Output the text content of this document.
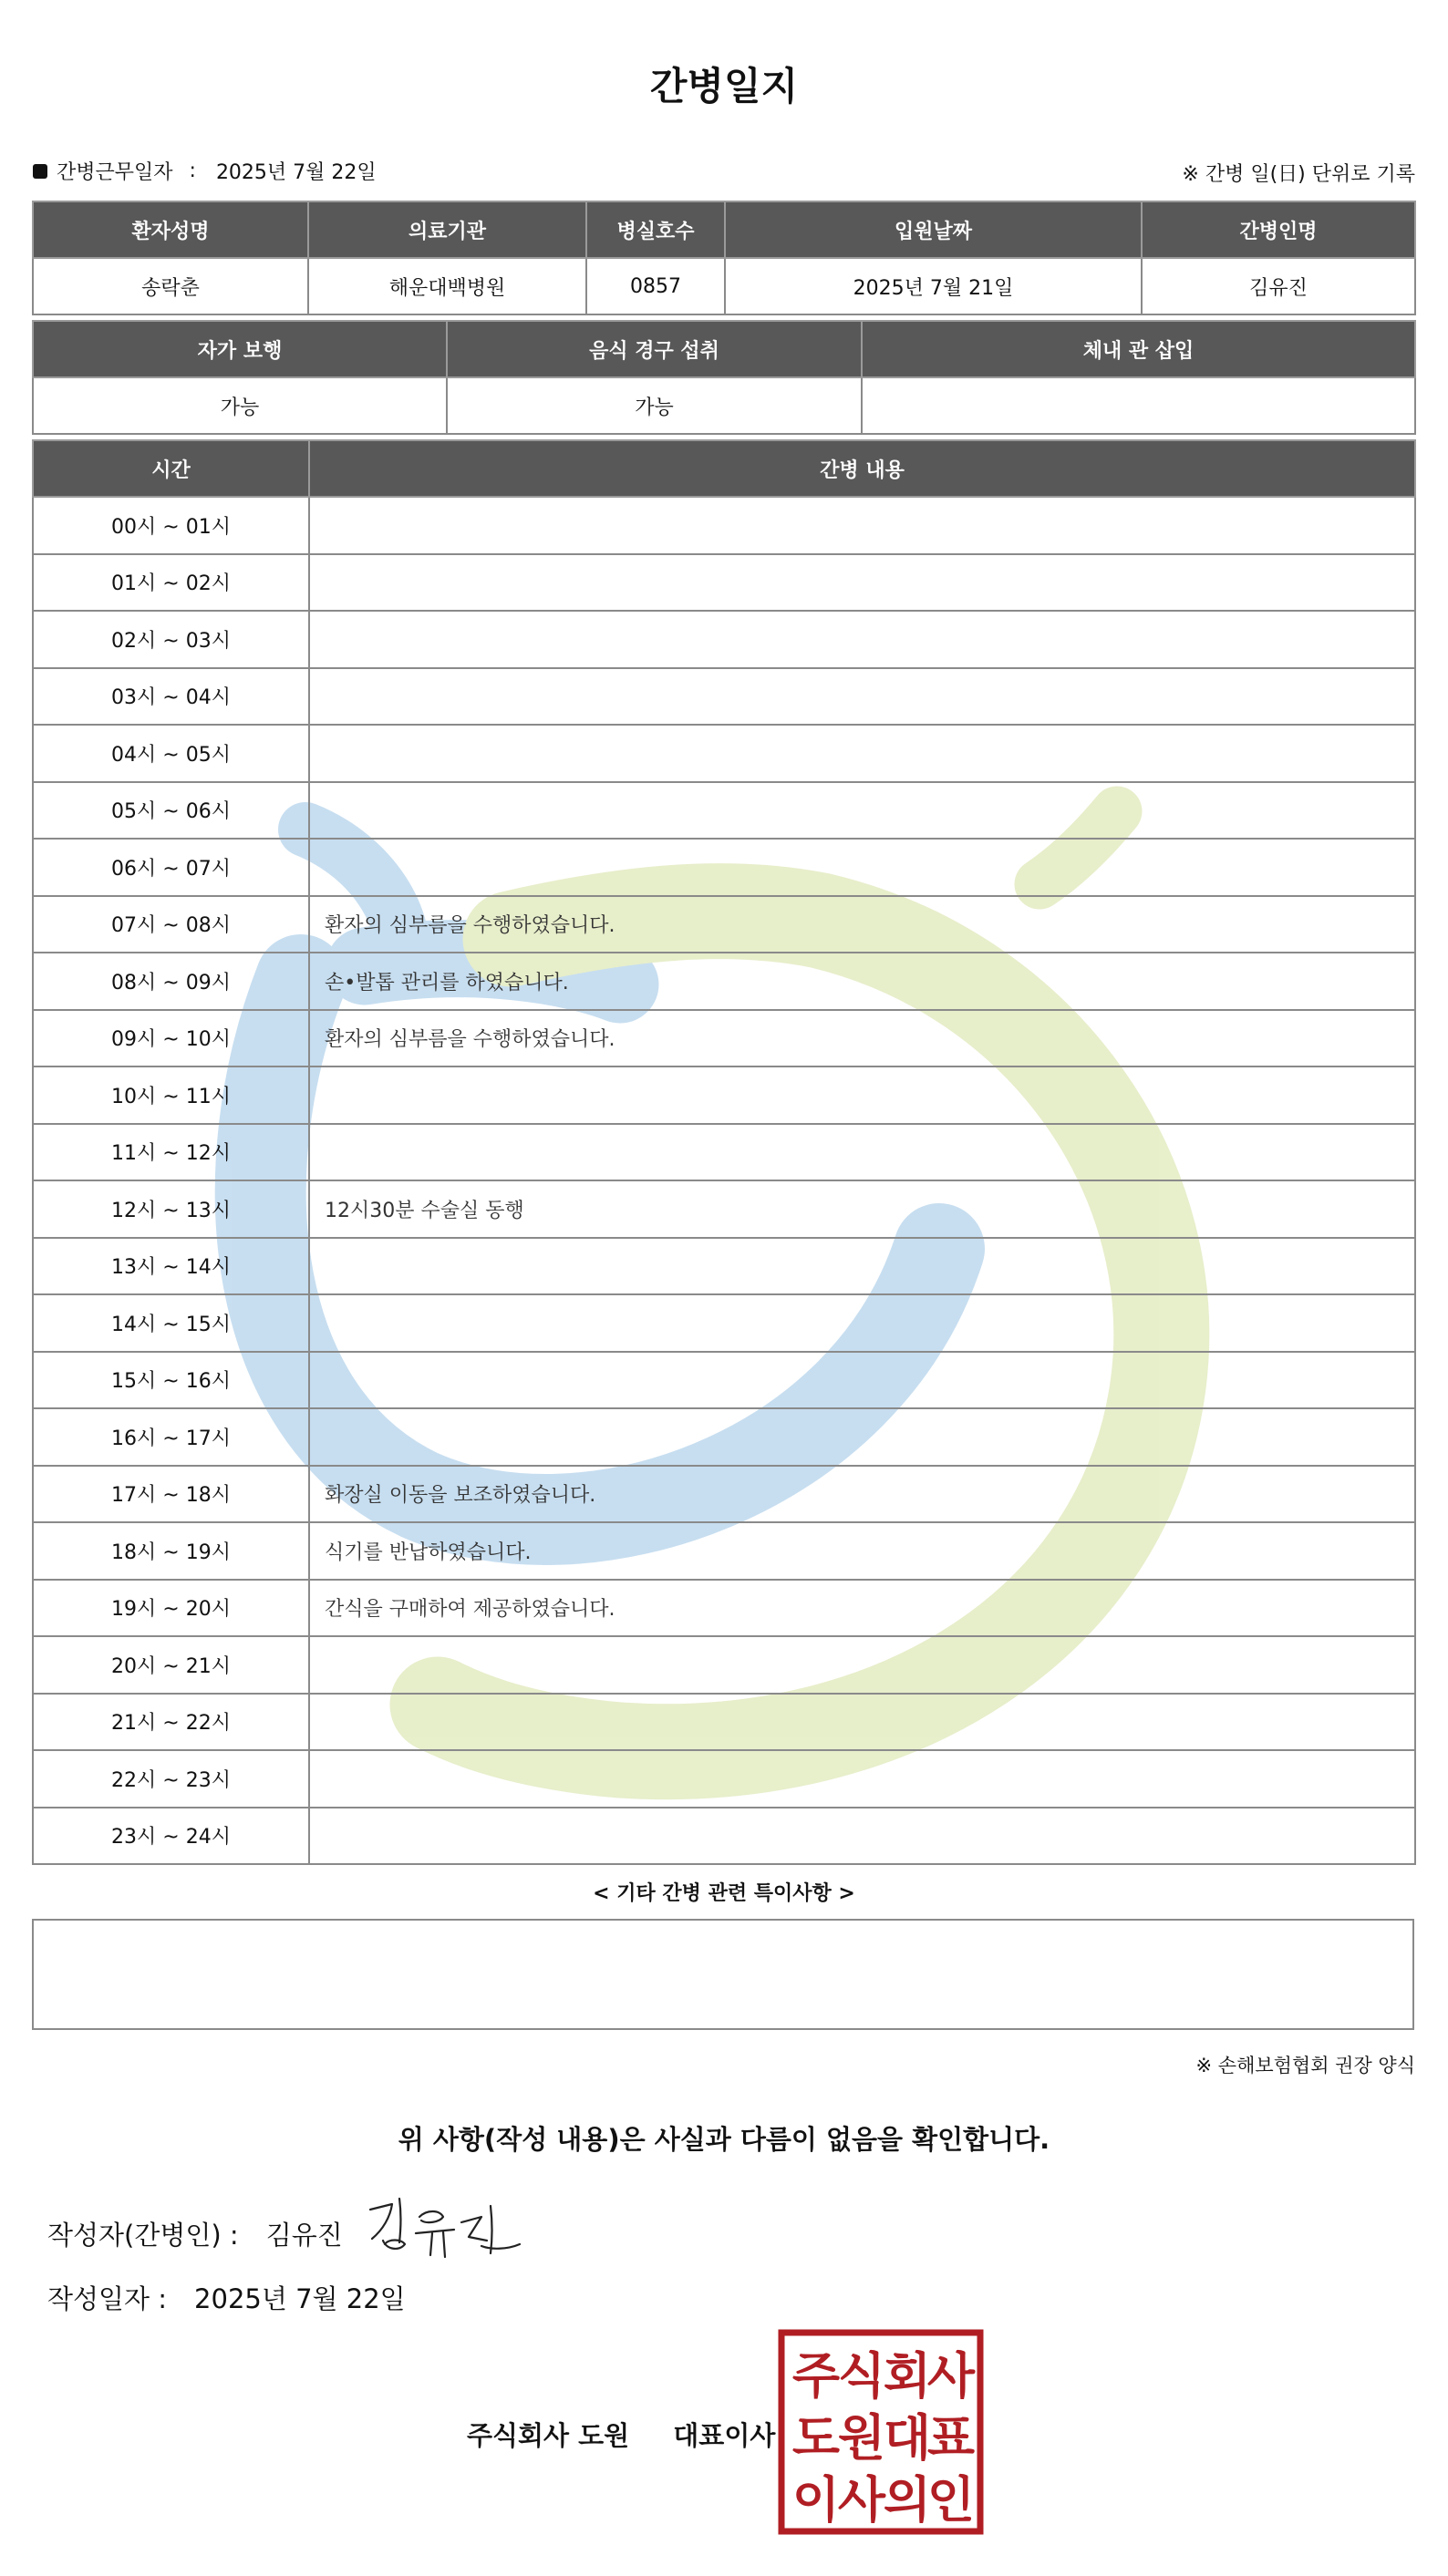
간병일지
간병근무일자 : 2025년 7월 22일	※ 간병 일(日) 단위로 기록
환자성명	의료기관	병실호수	입원날짜	간병인명
송락춘	해운대백병원	0857	2025년 7월 21일	김유진
자가 보행	음식 경구 섭취	체내 관 삽입
가능	가능	
시간	간병 내용
00시 ~ 01시	
01시 ~ 02시	
02시 ~ 03시	
03시 ~ 04시	
04시 ~ 05시	
05시 ~ 06시	
06시 ~ 07시	
07시 ~ 08시	환자의 심부름을 수행하였습니다.
08시 ~ 09시	손•발톱 관리를 하였습니다.
09시 ~ 10시	환자의 심부름을 수행하였습니다.
10시 ~ 11시	
11시 ~ 12시	
12시 ~ 13시	12시30분 수술실 동행
13시 ~ 14시	
14시 ~ 15시	
15시 ~ 16시	
16시 ~ 17시	
17시 ~ 18시	화장실 이동을 보조하였습니다.
18시 ~ 19시	식기를 반납하였습니다.
19시 ~ 20시	간식을 구매하여 제공하였습니다.
20시 ~ 21시	
21시 ~ 22시	
22시 ~ 23시	
23시 ~ 24시	
< 기타 간병 관련 특이사항 >
※ 손해보험협회 권장 양식
위 사항(작성 내용)은 사실과 다름이 없음을 확인합니다.
작성자(간병인) : 김유진
작성일자 : 2025년 7월 22일
주식회사 도원 대표이사
주
식
회
사
도
원
대
표
이
사
의
인
